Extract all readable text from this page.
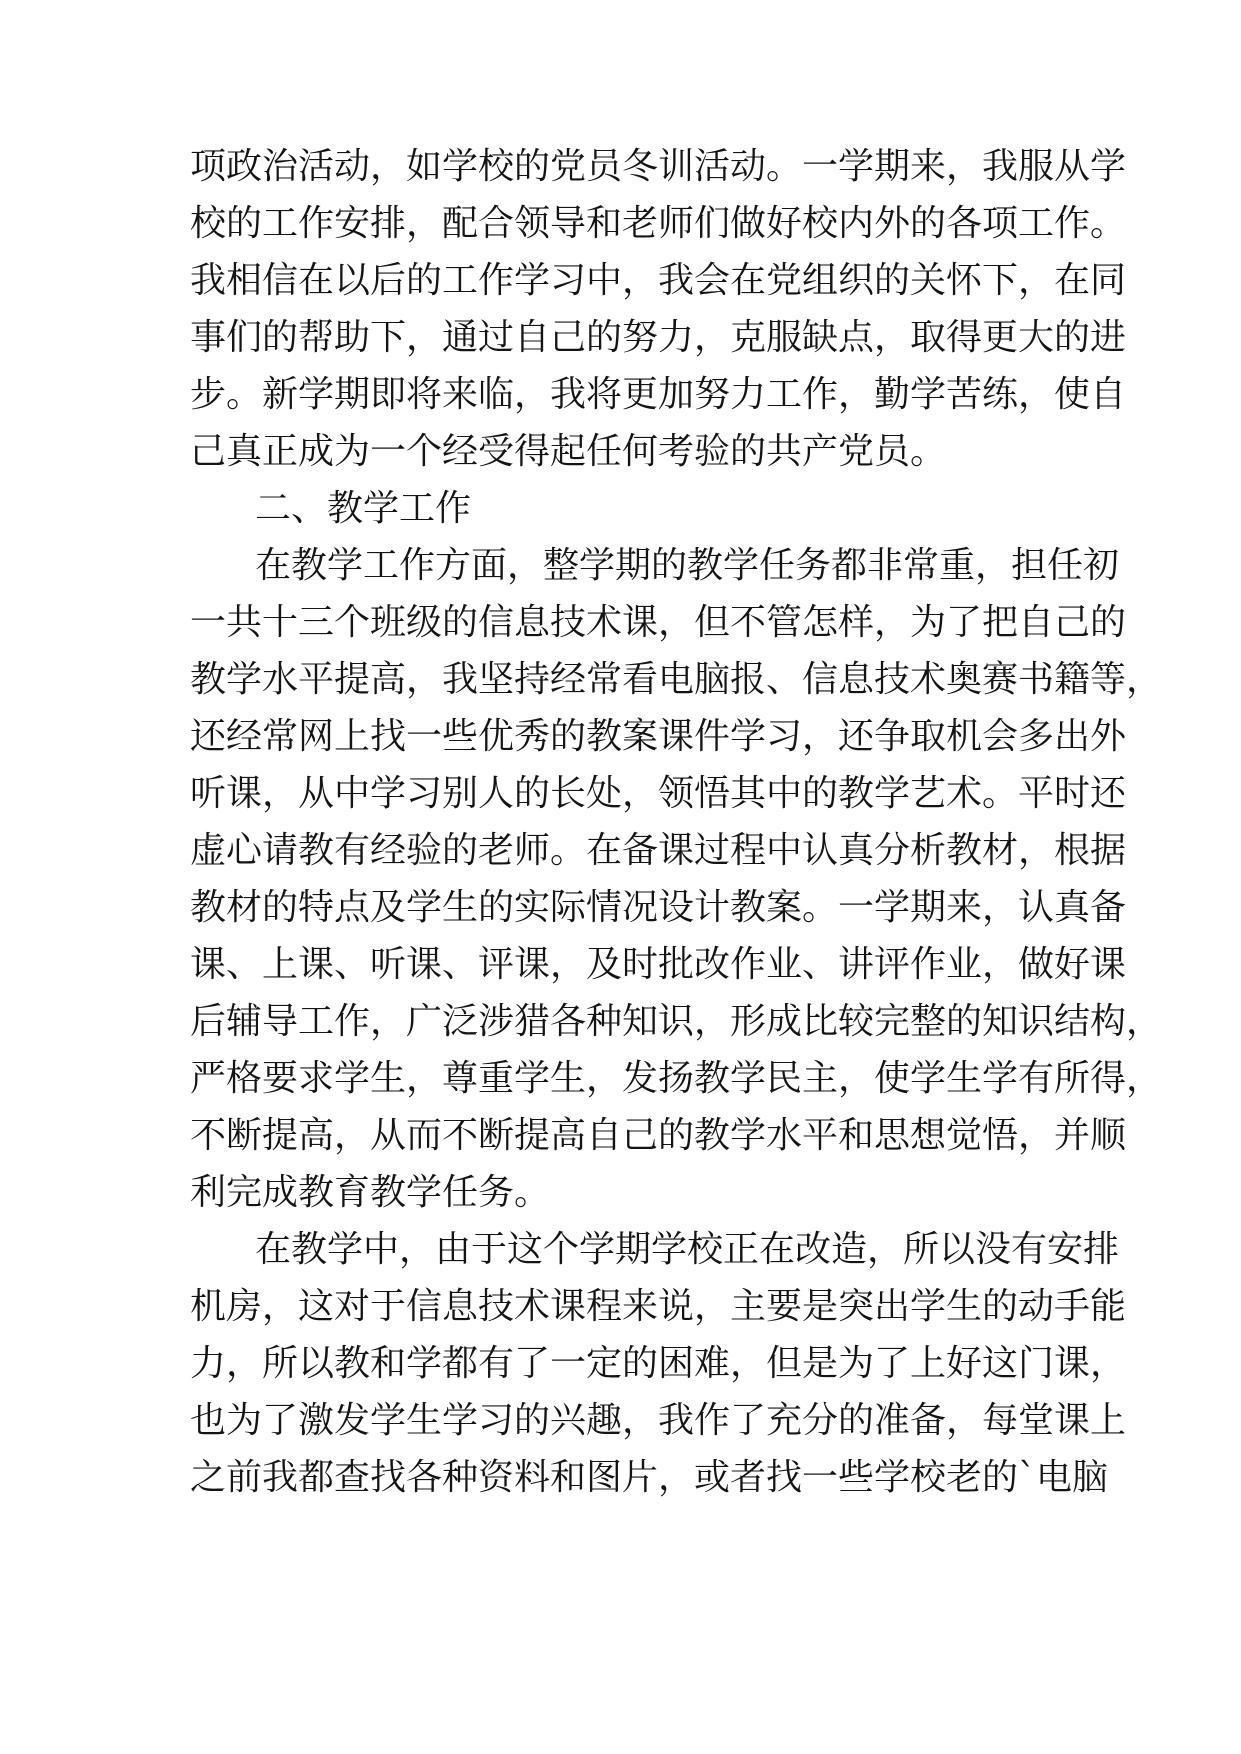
项政治活动，如学校的党员冬训活动。一学期来，我服从学
校的工作安排，配合领导和老师们做好校内外的各项工作。
我相信在以后的工作学习中，我会在党组织的关怀下，在同
事们的帮助下，通过自己的努力，克服缺点，取得更大的进
步。新学期即将来临，我将更加努力工作，勤学苦练，使自
己真正成为一个经受得起任何考验的共产党员。
二、教学工作
在教学工作方面，整学期的教学任务都非常重，担任初
一共十三个班级的信息技术课，但不管怎样，为了把自己的
教学水平提高，我坚持经常看电脑报、信息技术奥赛书籍等，
还经常网上找一些优秀的教案课件学习，还争取机会多出外
听课，从中学习别人的长处，领悟其中的教学艺术。平时还
虚心请教有经验的老师。在备课过程中认真分析教材，根据
教材的特点及学生的实际情况设计教案。一学期来，认真备
课、上课、听课、评课，及时批改作业、讲评作业，做好课
后辅导工作，广泛涉猎各种知识，形成比较完整的知识结构，
严格要求学生，尊重学生，发扬教学民主，使学生学有所得，
不断提高，从而不断提高自己的教学水平和思想觉悟，并顺
利完成教育教学任务。
在教学中，由于这个学期学校正在改造，所以没有安排
机房，这对于信息技术课程来说，主要是突出学生的动手能
力，所以教和学都有了一定的困难，但是为了上好这门课，
也为了激发学生学习的兴趣，我作了充分的准备，每堂课上
之前我都查找各种资料和图片，或者找一些学校老的`电脑
